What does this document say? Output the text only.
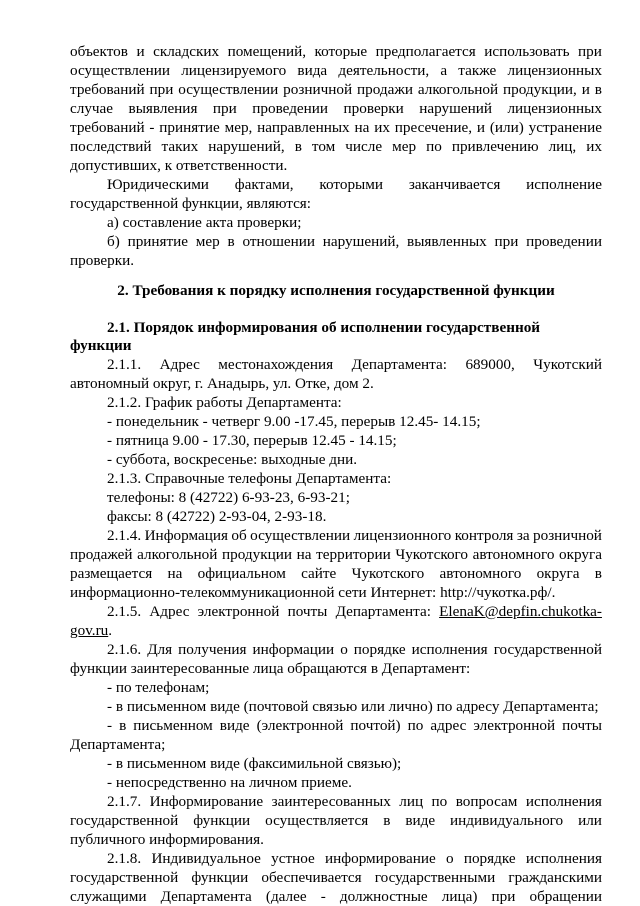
объектов и складских помещений, которые предполагается использовать при
осуществлении лицензируемого вида деятельности, а также лицензионных
требований при осуществлении розничной продажи алкогольной продукции, и в
случае выявления при проведении проверки нарушений лицензионных
требований - принятие мер, направленных на их пресечение, и (или) устранение
последствий таких нарушений, в том числе мер по привлечению лиц, их
допустивших, к ответственности.
Юридическими фактами, которыми заканчивается исполнение
государственной функции, являются:
а) составление акта проверки;
б) принятие мер в отношении нарушений, выявленных при проведении
проверки.
2. Требования к порядку исполнения государственной функции
2.1. Порядок информирования об исполнении государственной
функции
2.1.1. Адрес местонахождения Департамента: 689000, Чукотский
автономный округ, г. Анадырь, ул. Отке, дом 2.
2.1.2. График работы Департамента:
- понедельник - четверг 9.00 -17.45, перерыв 12.45- 14.15;
- пятница 9.00 - 17.30, перерыв 12.45 - 14.15;
- суббота, воскресенье: выходные дни.
2.1.3. Справочные телефоны Департамента:
телефоны: 8 (42722) 6-93-23, 6-93-21;
факсы: 8 (42722) 2-93-04, 2-93-18.
2.1.4. Информация об осуществлении лицензионного контроля за розничной
продажей алкогольной продукции на территории Чукотского автономного округа
размещается на официальном сайте Чукотского автономного округа в
информационно-телекоммуникационной сети Интернет: http://чукотка.рф/.
2.1.5. Адрес электронной почты Департамента: ElenaK@depfin.chukotka-
gov.ru.
2.1.6. Для получения информации о порядке исполнения государственной
функции заинтересованные лица обращаются в Департамент:
- по телефонам;
- в письменном виде (почтовой связью или лично) по адресу Департамента;
- в письменном виде (электронной почтой) по адрес электронной почты
Департамента;
- в письменном виде (факсимильной связью);
- непосредственно на личном приеме.
2.1.7. Информирование заинтересованных лиц по вопросам исполнения
государственной функции осуществляется в виде индивидуального или
публичного информирования.
2.1.8. Индивидуальное устное информирование о порядке исполнения
государственной функции обеспечивается государственными гражданскими
служащими Департамента (далее - должностные лица) при обращении
